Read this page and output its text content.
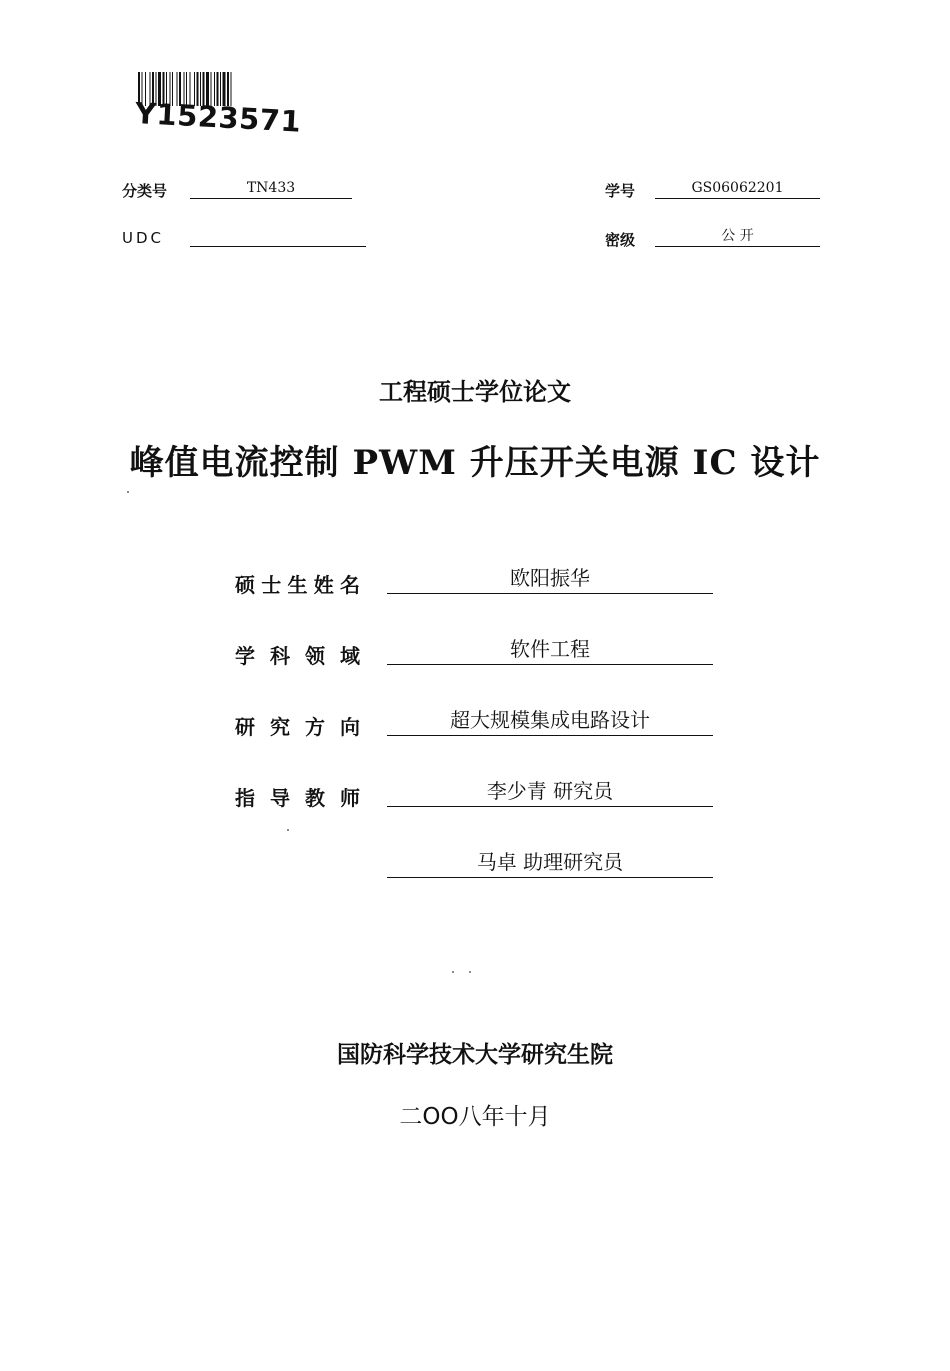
Y1523571
分类号	TN433
UDC
学号	GS06062201
密级	公 开
工程硕士学位论文
峰值电流控制 PWM 升压开关电源 IC 设计
硕 士 生 姓 名	欧阳振华
学 科 领 域	软件工程
研 究 方 向	超大规模集成电路设计
指 导 教 师	李少青 研究员
马卓 助理研究员
国防科学技术大学研究生院
二OO八年十月
